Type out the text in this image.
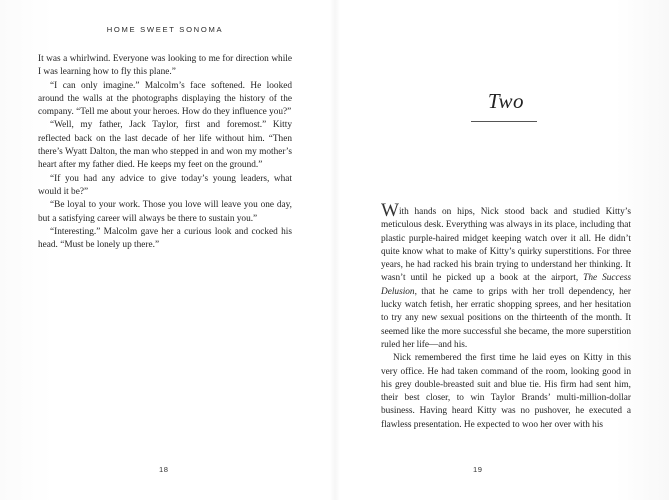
HOME SWEET SONOMA

It was a whirlwind. Everyone was looking to me for direction while I was learning how to fly this plane.”

“I can only imagine.” Malcolm’s face softened. He looked around the walls at the photographs displaying the history of the company. “Tell me about your heroes. How do they influence you?”

“Well, my father, Jack Taylor, first and foremost.” Kitty reflected back on the last decade of her life without him. “Then there’s Wyatt Dalton, the man who stepped in and won my mother’s heart after my father died. He keeps my feet on the ground.”

“If you had any advice to give today’s young leaders, what would it be?”

“Be loyal to your work. Those you love will leave you one day, but a satisfying career will always be there to sustain you.”

“Interesting.” Malcolm gave her a curious look and cocked his head. “Must be lonely up there.”

18
Two

With hands on hips, Nick stood back and studied Kitty’s meticulous desk. Everything was always in its place, including that plastic purple-haired midget keeping watch over it all. He didn’t quite know what to make of Kitty’s quirky superstitions. For three years, he had racked his brain trying to understand her thinking. It wasn’t until he picked up a book at the airport, The Success Delusion, that he came to grips with her troll dependency, her lucky watch fetish, her erratic shopping sprees, and her hesitation to try any new sexual positions on the thirteenth of the month. It seemed like the more successful she became, the more superstition ruled her life—and his.

Nick remembered the first time he laid eyes on Kitty in this very office. He had taken command of the room, looking good in his grey double-breasted suit and blue tie. His firm had sent him, their best closer, to win Taylor Brands’ multi-million-dollar business. Having heard Kitty was no pushover, he executed a flawless presentation. He expected to woo her over with his

19
